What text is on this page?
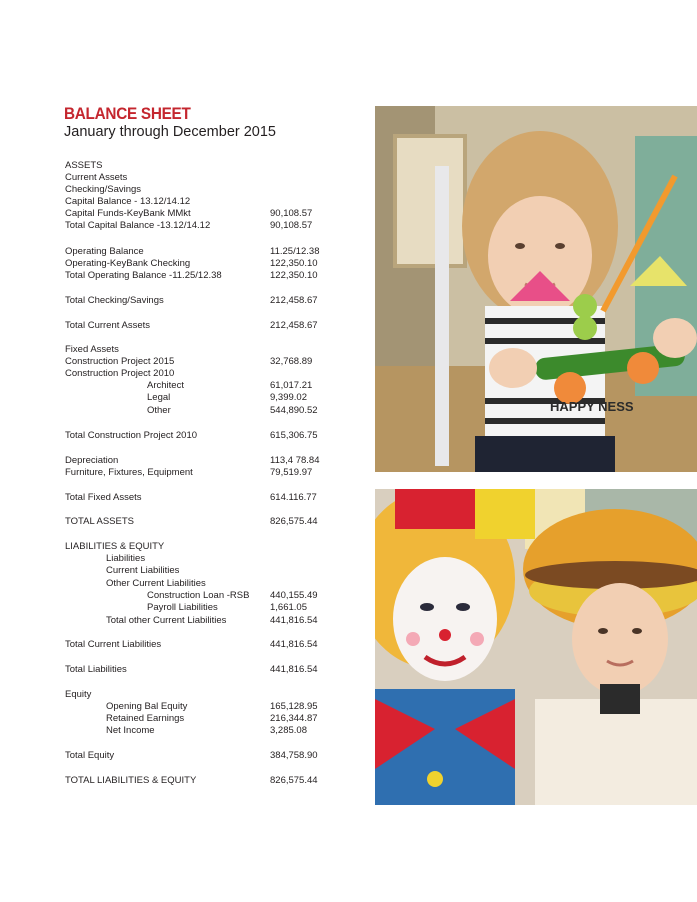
BALANCE SHEET
January through December 2015
ASSETS
Current Assets
Checking/Savings
Capital Balance - 13.12/14.12
Capital Funds-KeyBank MMkt	90,108.57
Total Capital Balance -13.12/14.12	90,108.57
Operating Balance	11.25/12.38
Operating-KeyBank Checking	122,350.10
Total Operating Balance -11.25/12.38	122,350.10
Total Checking/Savings	212,458.67
Total Current Assets	212,458.67
Fixed Assets
Construction Project 2015	32,768.89
Construction Project 2010
Architect	61,017.21
Legal	9,399.02
Other	544,890.52
Total Construction Project 2010	615,306.75
Depreciation	113,4 78.84
Furniture, Fixtures, Equipment	79,519.97
Total Fixed Assets	614.116.77
TOTAL ASSETS	826,575.44
LIABILITIES & EQUITY
Liabilities
Current Liabilities
Other Current Liabilities
Construction Loan -RSB 440,155.49
Payroll Liabilities	1,661.05
Total other Current Liabilities	441,816.54
Total Current Liabilities	441,816.54
Total Liabilities	441,816.54
Equity
Opening Bal Equity	165,128.95
Retained Earnings	216,344.87
Net Income	3,285.08
Total Equity	384,758.90
TOTAL LIABILITIES & EQUITY	826,575.44
HAPPY NESS
